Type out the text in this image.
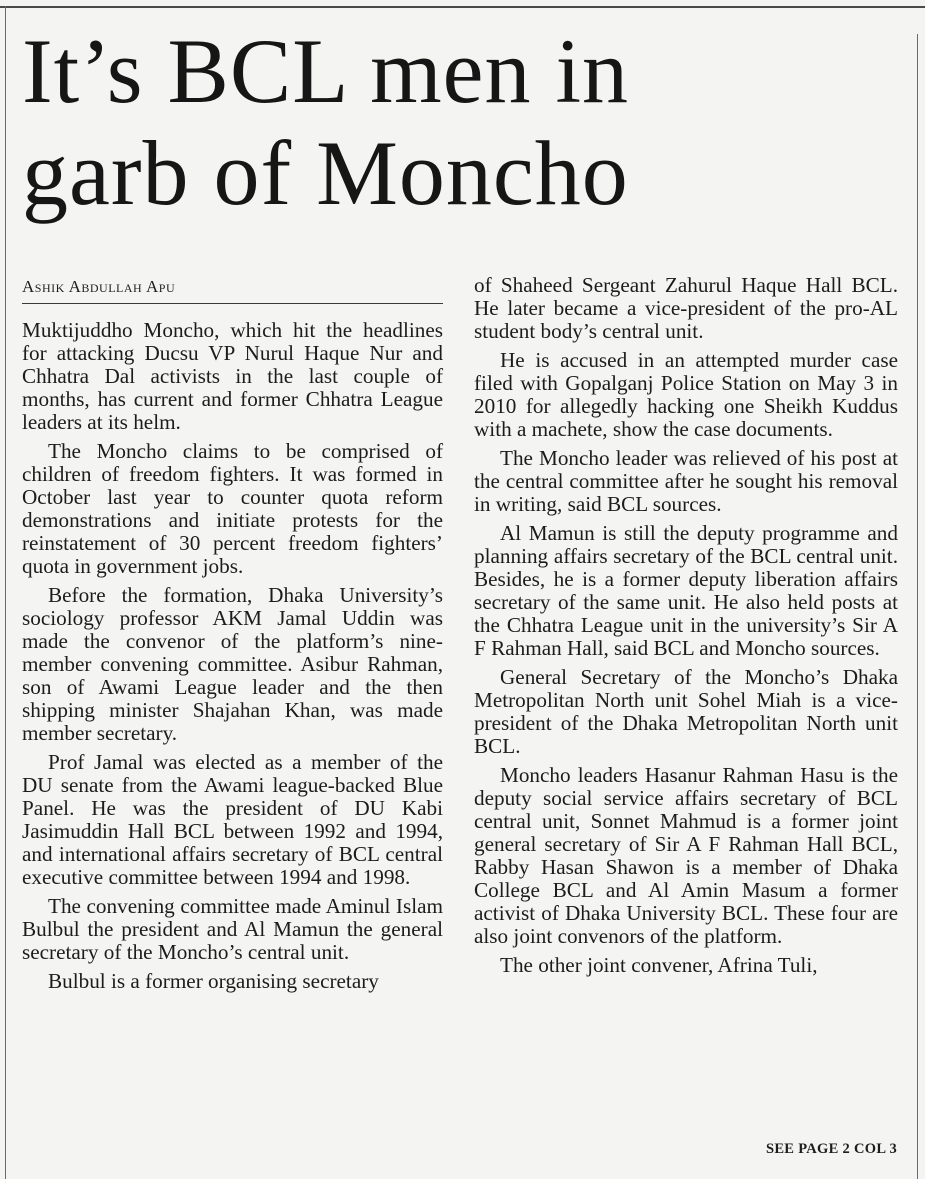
It’s BCL men in
garb of Moncho
Ashik Abdullah Apu

Muktijuddho Moncho, which hit the headlines for attacking Ducsu VP Nurul Haque Nur and Chhatra Dal activists in the last couple of months, has current and former Chhatra League leaders at its helm.

The Moncho claims to be comprised of children of freedom fighters. It was formed in October last year to counter quota reform demonstrations and initiate protests for the reinstatement of 30 percent freedom fighters’ quota in government jobs.

Before the formation, Dhaka University’s sociology professor AKM Jamal Uddin was made the convenor of the platform’s nine-member convening committee. Asibur Rahman, son of Awami League leader and the then shipping minister Shajahan Khan, was made member secretary.

Prof Jamal was elected as a member of the DU senate from the Awami league-backed Blue Panel. He was the president of DU Kabi Jasimuddin Hall BCL between 1992 and 1994, and international affairs secretary of BCL central executive committee between 1994 and 1998.

The convening committee made Aminul Islam Bulbul the president and Al Mamun the general secretary of the Moncho’s central unit.

Bulbul is a former organising secretary

of Shaheed Sergeant Zahurul Haque Hall BCL. He later became a vice-president of the pro-AL student body’s central unit.

He is accused in an attempted murder case filed with Gopalganj Police Station on May 3 in 2010 for allegedly hacking one Sheikh Kuddus with a machete, show the case documents.

The Moncho leader was relieved of his post at the central committee after he sought his removal in writing, said BCL sources.

Al Mamun is still the deputy programme and planning affairs secretary of the BCL central unit. Besides, he is a former deputy liberation affairs secretary of the same unit. He also held posts at the Chhatra League unit in the university’s Sir A F Rahman Hall, said BCL and Moncho sources.

General Secretary of the Moncho’s Dhaka Metropolitan North unit Sohel Miah is a vice-president of the Dhaka Metropolitan North unit BCL.

Moncho leaders Hasanur Rahman Hasu is the deputy social service affairs secretary of BCL central unit, Sonnet Mahmud is a former joint general secretary of Sir A F Rahman Hall BCL, Rabby Hasan Shawon is a member of Dhaka College BCL and Al Amin Masum a former activist of Dhaka University BCL. These four are also joint convenors of the platform.

The other joint convener, Afrina Tuli,

SEE PAGE 2 COL 3
